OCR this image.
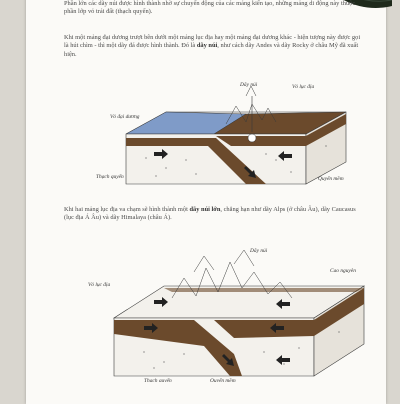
Phần lớn các dãy núi được hình thành nhờ sự chuyển động của các mảng kiến tạo, những mảng di động này thuộc phần lớp vỏ trái đất (thạch quyển).

Khi một mảng đại dương trượt bên dưới một mảng lục địa hay một mảng đại dương khác - hiện tượng này được gọi là hút chìm - thì một dãy đá được hình thành. Đó là dãy núi, như cách dãy Andes và dãy Rocky ở châu Mỹ đã xuất hiện.

Dãy núi	Vỏ lục địa
Vỏ đại dương
Thạch quyển	Quyển mềm

Khi hai mảng lục địa va chạm sẽ hình thành một dãy núi lớn, chẳng hạn như dãy Alps (ở châu Âu), dãy Caucasus (lục địa Á Âu) và dãy Himalaya (châu Á).

Dãy núi
Vỏ lục địa
Cao nguyên
Thạch quyển	Quyển mềm
